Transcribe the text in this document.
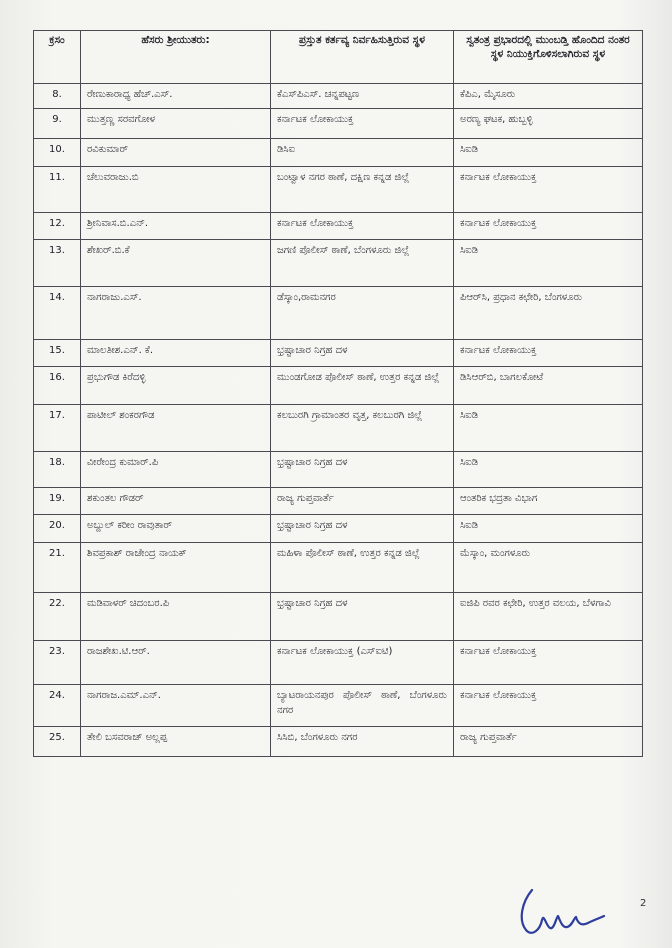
ಕ್ರಸಂ	ಹೆಸರು ಶ್ರೀಯುತರು:	ಪ್ರಸ್ತುತ ಕರ್ತವ್ಯ ನಿರ್ವಹಿಸುತ್ತಿರುವ ಸ್ಥಳ	ಸ್ವತಂತ್ರ ಪ್ರಭಾರದಲ್ಲಿ ಮುಂಬಡ್ತಿ ಹೊಂದಿದ ನಂತರ ಸ್ಥಳ ನಿಯುಕ್ತಿಗೊಳಿಸಲಾಗಿರುವ ಸ್ಥಳ
8.	ರೇಣುಕಾರಾಧ್ಯ ಹೆಚ್.ಎಸ್.	ಕೆಎಸ್‌ಪಿಎಸ್. ಚನ್ನಪಟ್ಟಣ	ಕೆಪಿಎ, ಮೈಸೂರು
9.	ಮುತ್ತಣ್ಣ ಸರವಗೋಳ	ಕರ್ನಾಟಕ ಲೋಕಾಯುಕ್ತ	ಅರಣ್ಯ ಘಟಕ, ಹುಬ್ಬಳ್ಳಿ
10.	ರವಿಕುಮಾರ್	ಡಿಸಿಐ	ಸಿಐಡಿ
11.	ಚೆಲುವರಾಜು.ಬಿ	ಬಂಟ್ವಾಳ ನಗರ ಠಾಣೆ, ದಕ್ಷಿಣ ಕನ್ನಡ ಜಿಲ್ಲೆ	ಕರ್ನಾಟಕ ಲೋಕಾಯುಕ್ತ
12.	ಶ್ರೀನಿವಾಸ.ಬಿ.ಎನ್.	ಕರ್ನಾಟಕ ಲೋಕಾಯುಕ್ತ	ಕರ್ನಾಟಕ ಲೋಕಾಯುಕ್ತ
13.	ಶೇಖರ್.ಬಿ.ಕೆ	ಜಗಣಿ ಪೊಲೀಸ್ ಠಾಣೆ, ಬೆಂಗಳೂರು ಜಿಲ್ಲೆ	ಸಿಐಡಿ
14.	ನಾಗರಾಜು.ಎಸ್.	ಡೆಸ್ಕಾಂ,ರಾಮನಗರ	ಪಿಆರ್‌ಸಿ, ಪ್ರಧಾನ ಕಛೇರಿ, ಬೆಂಗಳೂರು
15.	ಮಾಲತೀಶ.ಎನ್. ಕೆ.	ಭ್ರಷ್ಟಾಚಾರ ನಿಗ್ರಹ ದಳ	ಕರ್ನಾಟಕ ಲೋಕಾಯುಕ್ತ
16.	ಪ್ರಭುಗೌಡ ಕಿರೆದಳ್ಳಿ	ಮುಂಡಗೋಡ ಪೊಲೀಸ್ ಠಾಣೆ, ಉತ್ತರ ಕನ್ನಡ ಜಿಲ್ಲೆ	ಡಿಸಿಆರ್‌ಬಿ, ಬಾಗಲಕೋಟೆ
17.	ಪಾಟೀಲ್ ಶಂಕರಗೌಡ	ಕಲಬುರಗಿ ಗ್ರಾಮಾಂತರ ವೃತ್ತ, ಕಲಬುರಗಿ ಜಿಲ್ಲೆ	ಸಿಐಡಿ
18.	ವೀರೇಂದ್ರ ಕುಮಾರ್.ಪಿ	ಭ್ರಷ್ಟಾಚಾರ ನಿಗ್ರಹ ದಳ	ಸಿಐಡಿ
19.	ಶಕುಂತಲ ಗೌಡರ್	ರಾಜ್ಯ ಗುಪ್ತವಾರ್ತೆ	ಆಂತರಿಕ ಭದ್ರತಾ ವಿಭಾಗ
20.	ಅಬ್ದುಲ್ ಕರೀಂ ರಾವುತಾರ್	ಭ್ರಷ್ಟಾಚಾರ ನಿಗ್ರಹ ದಳ	ಸಿಐಡಿ
21.	ಶಿವಪ್ರಕಾಶ್ ರಾಜೇಂದ್ರ ನಾಯಕ್	ಮಹಿಳಾ ಪೊಲೀಸ್ ಠಾಣೆ, ಉತ್ತರ ಕನ್ನಡ ಜಿಲ್ಲೆ	ಮೆಸ್ಕಾಂ, ಮಂಗಳೂರು
22.	ಮಡಿವಾಳರ್ ಚಿದಂಬರ.ಪಿ	ಭ್ರಷ್ಟಾಚಾರ ನಿಗ್ರಹ ದಳ	ಐಜಿಪಿ ರವರ ಕಛೇರಿ, ಉತ್ತರ ವಲಯ, ಬೆಳಗಾವಿ
23.	ರಾಜಶೇಖ.ಟಿ.ಆರ್.	ಕರ್ನಾಟಕ ಲೋಕಾಯುಕ್ತ (ಎಸ್‌ಐಟಿ)	ಕರ್ನಾಟಕ ಲೋಕಾಯುಕ್ತ
24.	ನಾಗರಾಜ.ಎಮ್.ಎನ್.	ಬ್ಯಾಟರಾಯನಪುರ ಪೊಲೀಸ್ ಠಾಣೆ, ಬೆಂಗಳೂರು ನಗರ	ಕರ್ನಾಟಕ ಲೋಕಾಯುಕ್ತ
25.	ತೇಲಿ ಬಸವರಾಜ್ ಅಲ್ಲಪ್ಪ	ಸಿಸಿಬಿ, ಬೆಂಗಳೂರು ನಗರ	ರಾಜ್ಯ ಗುಪ್ತವಾರ್ತೆ
2
